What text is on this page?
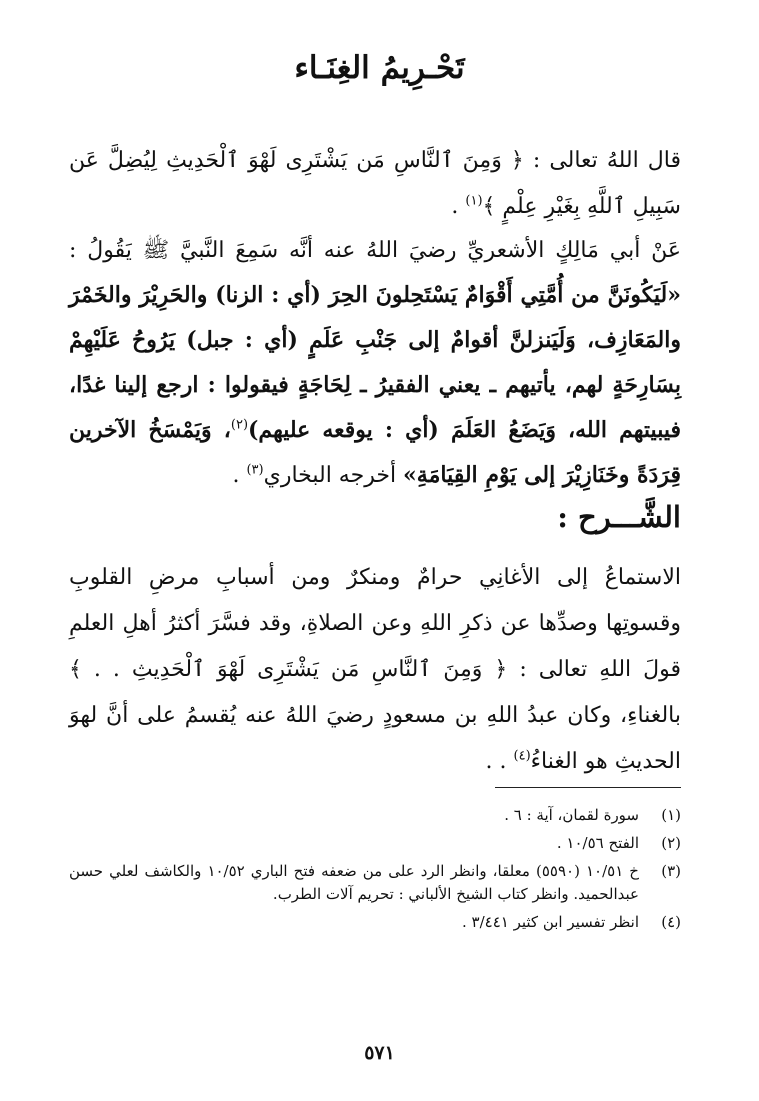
تَحْـرِيمُ الغِنَـاء
قال اللهُ تعالى : ﴿ وَمِنَ ٱلنَّاسِ مَن يَشْتَرِى لَهْوَ ٱلْحَدِيثِ لِيُضِلَّ عَن سَبِيلِ ٱللَّهِ بِغَيْرِ عِلْمٍ ﴾$^{(١)}$ .
عَنْ أبي مَالِكٍ الأشعريِّ رضيَ اللهُ عنه أنَّه سَمِعَ النَّبيَّ ﷺ يَقُولُ : «لَيَكُونَنَّ من أُمَّتِي أَقْوَامٌ يَسْتَحِلونَ الحِرَ (أي : الزنا) والحَرِيْرَ والخَمْرَ والمَعَازِف، وَلَيَنزلنَّ أقوامٌ إلى جَنْبِ عَلَمٍ (أي : جبل) يَرُوحُ عَلَيْهِمْ بِسَارِحَةٍ لهم، يأتيهم ـ يعني الفقيرُ ـ لِحَاجَةٍ فيقولوا : ارجع إلينا غدًا، فيبيتهم الله، وَيَضَعُ العَلَمَ (أي : يوقعه عليهم)$^{(٢)}$، وَيَمْسَخُ الآخرين قِرَدَةً وخَنَازِيْرَ إلى يَوْمِ القِيَامَةِ» أخرجه البخاري$^{(٣)}$ .
الشَّـــرح :
الاستماعُ إلى الأغانِي حرامٌ ومنكرٌ ومن أسبابِ مرضِ القلوبِ وقسوتِها وصدِّها عن ذكرِ اللهِ وعن الصلاةِ، وقد فسَّرَ أكثرُ أهلِ العلمِ قولَ اللهِ تعالى : ﴿ وَمِنَ ٱلنَّاسِ مَن يَشْتَرِى لَهْوَ ٱلْحَدِيثِ . . ﴾ بالغناءِ، وكان عبدُ اللهِ بن مسعودٍ رضيَ اللهُ عنه يُقسمُ على أنَّ لهوَ الحديثِ هو الغناءُ$^{(٤)}$ . .
(١)
سورة لقمان، آية : ٦ .
(٢)
الفتح ١٠/٥٦ .
(٣)
خ ١٠/٥١ (٥٥٩٠) معلقا، وانظر الرد على من ضعفه فتح الباري ١٠/٥٢ والكاشف لعلي حسن عبدالحميد. وانظر كتاب الشيخ الألباني : تحريم آلات الطرب.
(٤)
انظر تفسير ابن كثير ٣/٤٤١ .
٥٧١
